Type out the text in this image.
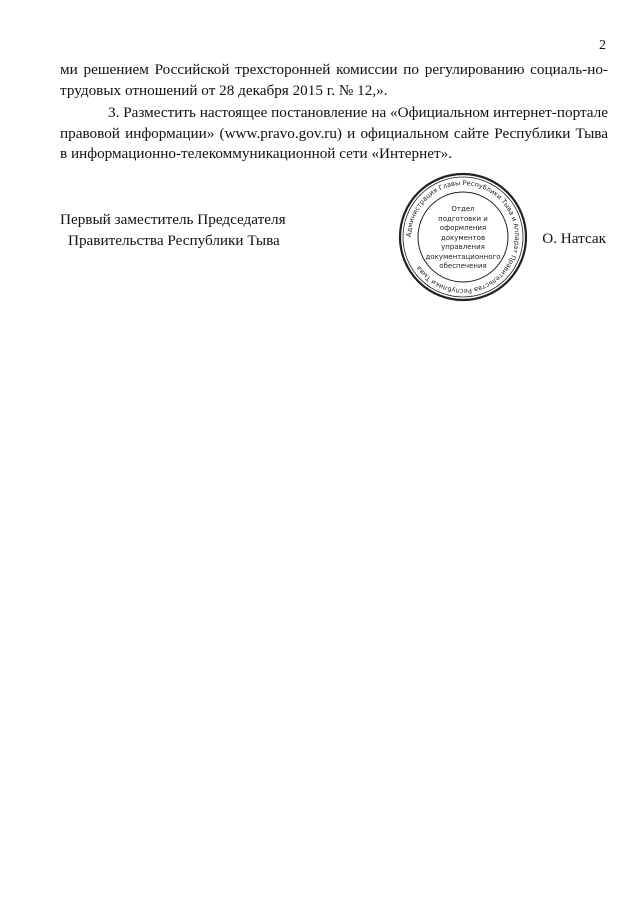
2

ми решением Российской трехсторонней комиссии по регулированию социаль-но-трудовых отношений от 28 декабря 2015 г. № 12,».

3. Разместить настоящее постановление на «Официальном интернет-портале правовой информации» (www.pravo.gov.ru) и официальном сайте Республики Тыва в информационно-телекоммуникационной сети «Интернет».

Первый заместитель Председателя
Правительства Республики Тыва	Администрация Главы Республики Тыва и Аппарат Правительства Республики Тыва
Отдел
подготовки и
оформления документов
управления
документационного
обеспечения
О. Натсак
